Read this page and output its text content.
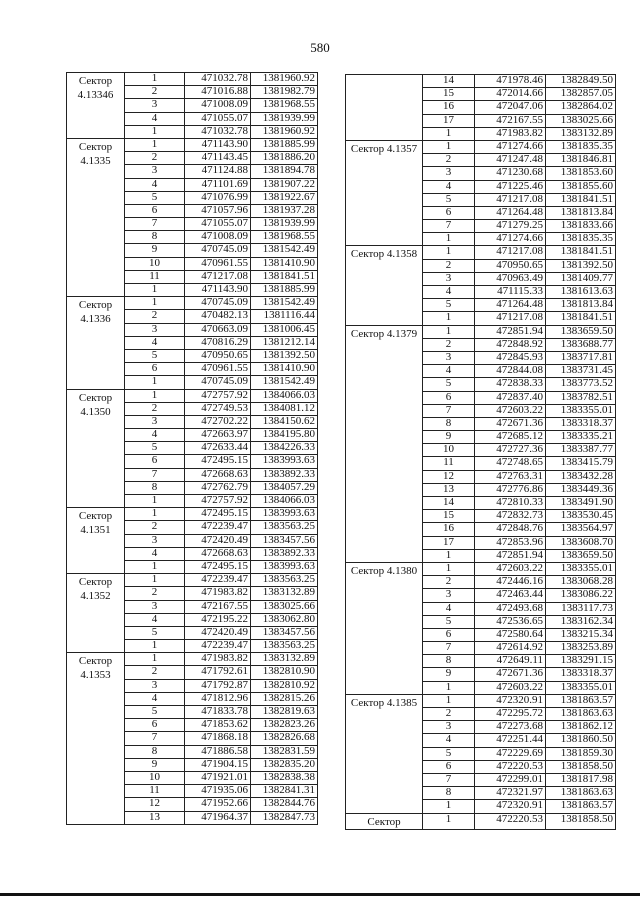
580
Сектор 4.13346	1	471032.78	1381960.92
	2	471016.88	1381982.79
	3	471008.09	1381968.55
	4	471055.07	1381939.99
	1	471032.78	1381960.92
Сектор 4.1335	1	471143.90	1381885.99
	2	471143.45	1381886.20
	3	471124.88	1381894.78
	4	471101.69	1381907.22
	5	471076.99	1381922.67
	6	471057.96	1381937.28
	7	471055.07	1381939.99
	8	471008.09	1381968.55
	9	470745.09	1381542.49
	10	470961.55	1381410.90
	11	471217.08	1381841.51
	1	471143.90	1381885.99
Сектор 4.1336	1	470745.09	1381542.49
	2	470482.13	1381116.44
	3	470663.09	1381006.45
	4	470816.29	1381212.14
	5	470950.65	1381392.50
	6	470961.55	1381410.90
	1	470745.09	1381542.49
Сектор 4.1350	1	472757.92	1384066.03
	2	472749.53	1384081.12
	3	472702.22	1384150.62
	4	472663.97	1384195.80
	5	472633.44	1384226.33
	6	472495.15	1383993.63
	7	472668.63	1383892.33
	8	472762.79	1384057.29
	1	472757.92	1384066.03
Сектор 4.1351	1	472495.15	1383993.63
	2	472239.47	1383563.25
	3	472420.49	1383457.56
	4	472668.63	1383892.33
	1	472495.15	1383993.63
Сектор 4.1352	1	472239.47	1383563.25
	2	471983.82	1383132.89
	3	472167.55	1383025.66
	4	472195.22	1383062.80
	5	472420.49	1383457.56
	1	472239.47	1383563.25
Сектор 4.1353	1	471983.82	1383132.89
	2	471792.61	1382810.90
	3	471792.87	1382810.92
	4	471812.96	1382815.26
	5	471833.78	1382819.63
	6	471853.62	1382823.26
	7	471868.18	1382826.68
	8	471886.58	1382831.59
	9	471904.15	1382835.20
	10	471921.01	1382838.38
	11	471935.06	1382841.31
	12	471952.66	1382844.76
	13	471964.37	1382847.73
	14	471978.46	1382849.50
	15	472014.66	1382857.05
	16	472047.06	1382864.02
	17	472167.55	1383025.66
	1	471983.82	1383132.89
Сектор 4.1357	1	471274.66	1381835.35
	2	471247.48	1381846.81
	3	471230.68	1381853.60
	4	471225.46	1381855.60
	5	471217.08	1381841.51
	6	471264.48	1381813.84
	7	471279.25	1381833.66
	1	471274.66	1381835.35
Сектор 4.1358	1	471217.08	1381841.51
	2	470950.65	1381392.50
	3	470963.49	1381409.77
	4	471115.33	1381613.63
	5	471264.48	1381813.84
	1	471217.08	1381841.51
Сектор 4.1379	1	472851.94	1383659.50
	2	472848.92	1383688.77
	3	472845.93	1383717.81
	4	472844.08	1383731.45
	5	472838.33	1383773.52
	6	472837.40	1383782.51
	7	472603.22	1383355.01
	8	472671.36	1383318.37
	9	472685.12	1383335.21
	10	472727.36	1383387.77
	11	472748.65	1383415.79
	12	472763.31	1383432.28
	13	472776.86	1383449.36
	14	472810.33	1383491.90
	15	472832.73	1383530.45
	16	472848.76	1383564.97
	17	472853.96	1383608.70
	1	472851.94	1383659.50
Сектор 4.1380	1	472603.22	1383355.01
	2	472446.16	1383068.28
	3	472463.44	1383086.22
	4	472493.68	1383117.73
	5	472536.65	1383162.34
	6	472580.64	1383215.34
	7	472614.92	1383253.89
	8	472649.11	1383291.15
	9	472671.36	1383318.37
	1	472603.22	1383355.01
Сектор 4.1385	1	472320.91	1381863.57
	2	472295.72	1381863.63
	3	472273.68	1381862.12
	4	472251.44	1381860.50
	5	472229.69	1381859.30
	6	472220.53	1381858.50
	7	472299.01	1381817.98
	8	472321.97	1381863.63
	1	472320.91	1381863.57
Сектор	1	472220.53	1381858.50
